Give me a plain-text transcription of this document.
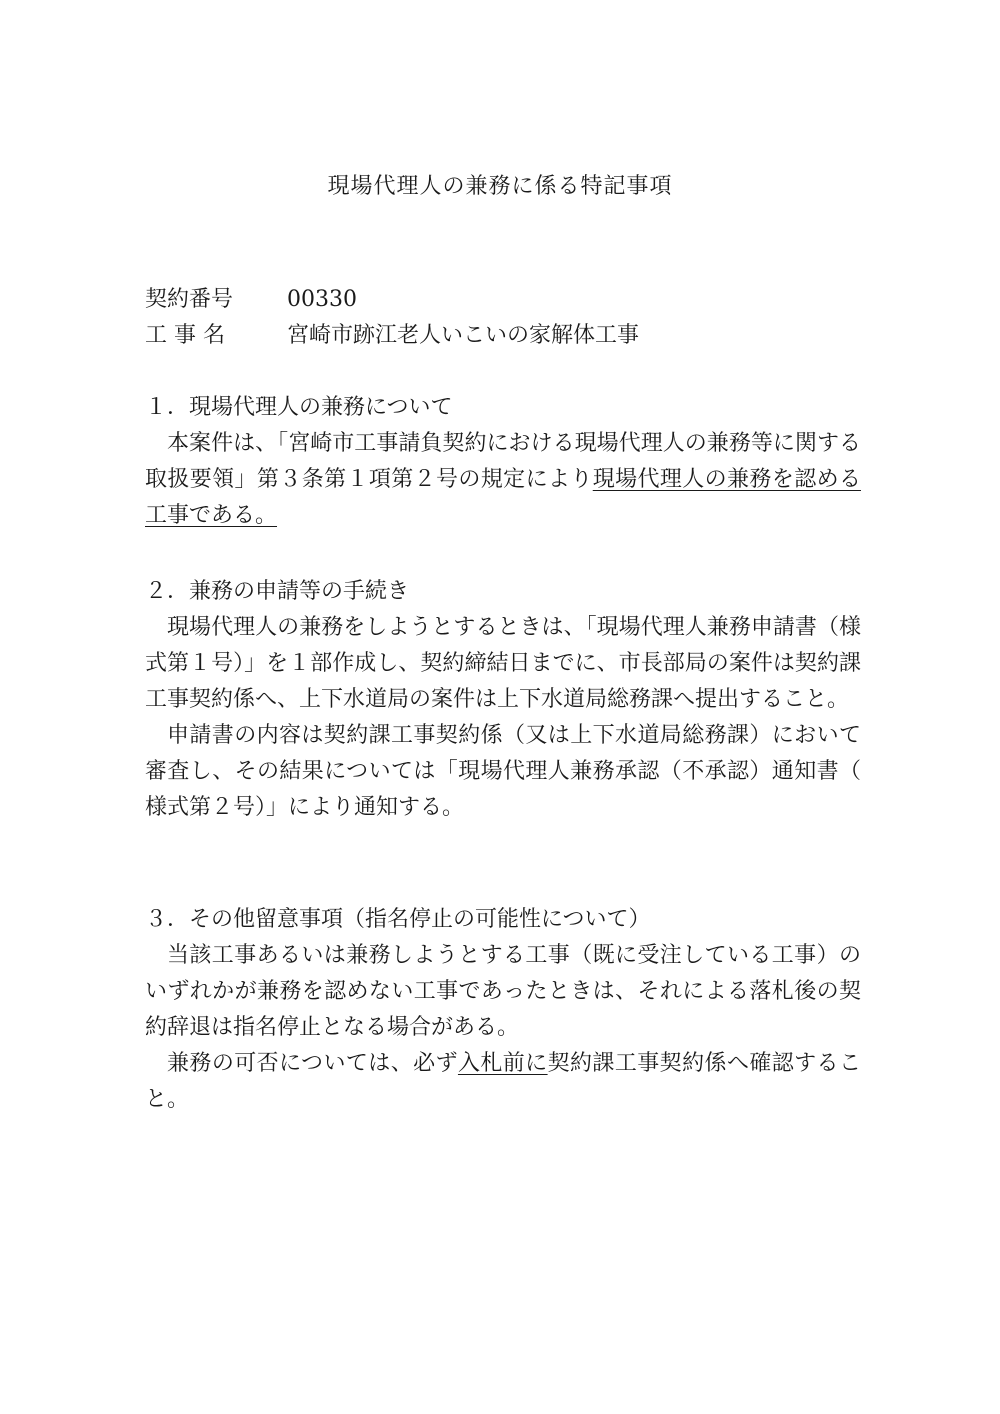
現場代理人の兼務に係る特記事項
契約番号	00330
工 事 名	宮崎市跡江老人いこいの家解体工事
１．現場代理人の兼務について

本案件は、「宮崎市工事請負契約における現場代理人の兼務等に関する取扱要領」第３条第１項第２号の規定により現場代理人の兼務を認める工事である。

２．兼務の申請等の手続き

現場代理人の兼務をしようとするときは、「現場代理人兼務申請書（様式第１号）」を１部作成し、契約締結日までに、市長部局の案件は契約課工事契約係へ、上下水道局の案件は上下水道局総務課へ提出すること。

申請書の内容は契約課工事契約係（又は上下水道局総務課）において審査し、その結果については「現場代理人兼務承認（不承認）通知書（様式第２号）」により通知する。

３．その他留意事項（指名停止の可能性について）

当該工事あるいは兼務しようとする工事（既に受注している工事）のいずれかが兼務を認めない工事であったときは、それによる落札後の契約辞退は指名停止となる場合がある。

兼務の可否については、必ず入札前に契約課工事契約係へ確認すること。
